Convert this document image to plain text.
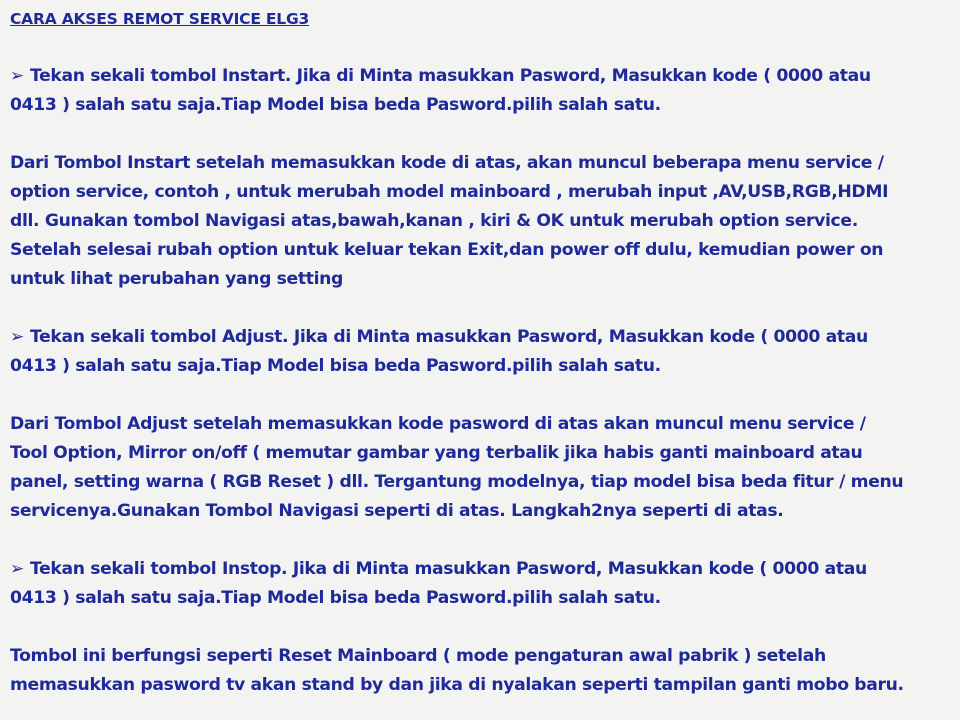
CARA AKSES REMOT SERVICE ELG3
➢ Tekan sekali tombol Instart. Jika di Minta masukkan Pasword, Masukkan kode ( 0000 atau
0413 ) salah satu saja.Tiap Model bisa beda Pasword.pilih salah satu.
Dari Tombol Instart setelah memasukkan kode di atas, akan muncul beberapa menu service /
option service, contoh , untuk merubah model mainboard , merubah input ,AV,USB,RGB,HDMI
dll. Gunakan tombol Navigasi atas,bawah,kanan , kiri & OK untuk merubah option service.
Setelah selesai rubah option untuk keluar tekan Exit,dan power off dulu, kemudian power on
untuk lihat perubahan yang setting
➢ Tekan sekali tombol Adjust. Jika di Minta masukkan Pasword, Masukkan kode ( 0000 atau
0413 ) salah satu saja.Tiap Model bisa beda Pasword.pilih salah satu.
Dari Tombol Adjust setelah memasukkan kode pasword di atas akan muncul menu service /
Tool Option, Mirror on/off ( memutar gambar yang terbalik jika habis ganti mainboard atau
panel, setting warna ( RGB Reset ) dll. Tergantung modelnya, tiap model bisa beda fitur / menu
servicenya.Gunakan Tombol Navigasi seperti di atas. Langkah2nya seperti di atas.
➢ Tekan sekali tombol Instop. Jika di Minta masukkan Pasword, Masukkan kode ( 0000 atau
0413 ) salah satu saja.Tiap Model bisa beda Pasword.pilih salah satu.
Tombol ini berfungsi seperti Reset Mainboard ( mode pengaturan awal pabrik ) setelah
memasukkan pasword tv akan stand by dan jika di nyalakan seperti tampilan ganti mobo baru.
